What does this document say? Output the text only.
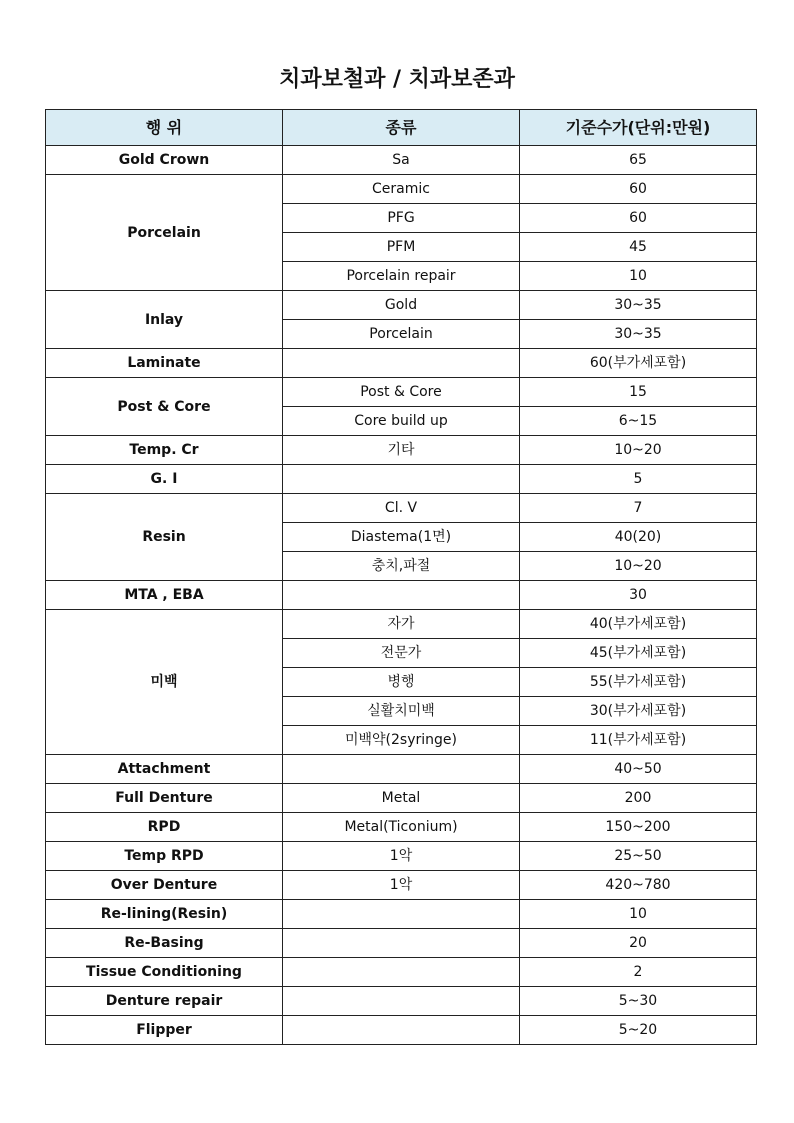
치과보철과 / 치과보존과
행 위	종류	기준수가(단위:만원)
Gold Crown	Sa	65
Porcelain	Ceramic	60
	PFG	60
	PFM	45
	Porcelain repair	10
Inlay	Gold	30~35
	Porcelain	30~35
Laminate		60(부가세포함)
Post & Core	Post & Core	15
	Core build up	6~15
Temp. Cr	기타	10~20
G. I		5
Resin	Cl. V	7
	Diastema(1면)	40(20)
	충치,파절	10~20
MTA , EBA		30
미백	자가	40(부가세포함)
	전문가	45(부가세포함)
	병행	55(부가세포함)
	실활치미백	30(부가세포함)
	미백약(2syringe)	11(부가세포함)
Attachment		40~50
Full Denture	Metal	200
RPD	Metal(Ticonium)	150~200
Temp RPD	1악	25~50
Over Denture	1악	420~780
Re-lining(Resin)		10
Re-Basing		20
Tissue Conditioning		2
Denture repair		5~30
Flipper		5~20
